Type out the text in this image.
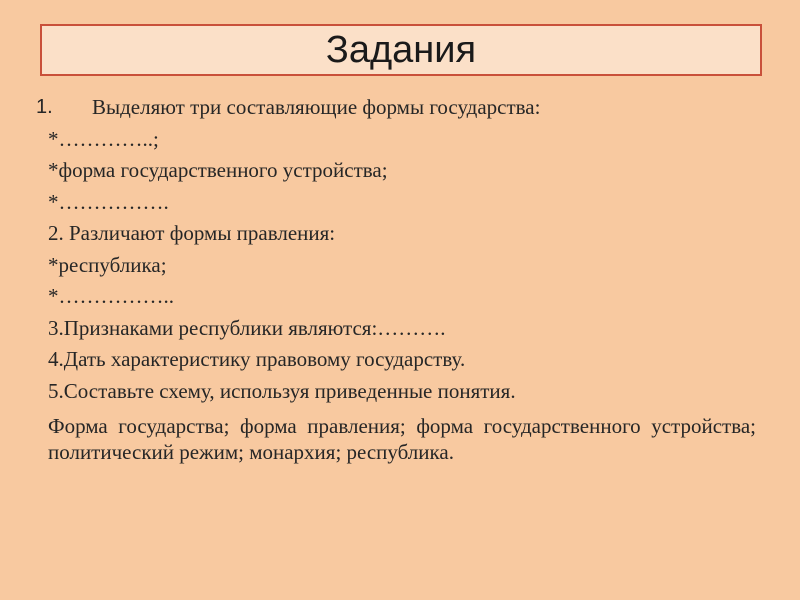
Задания
1.	Выделяют три составляющие формы государства:
*…………..;
*форма государственного устройства;
*…………….
2. Различают формы правления:
*республика;
*……………..
3.Признаками республики являются:……….
4.Дать характеристику правовому государству.
5.Составьте схему, используя приведенные понятия.
Форма государства; форма правления; форма государственного устройства; политический режим; монархия; республика.
